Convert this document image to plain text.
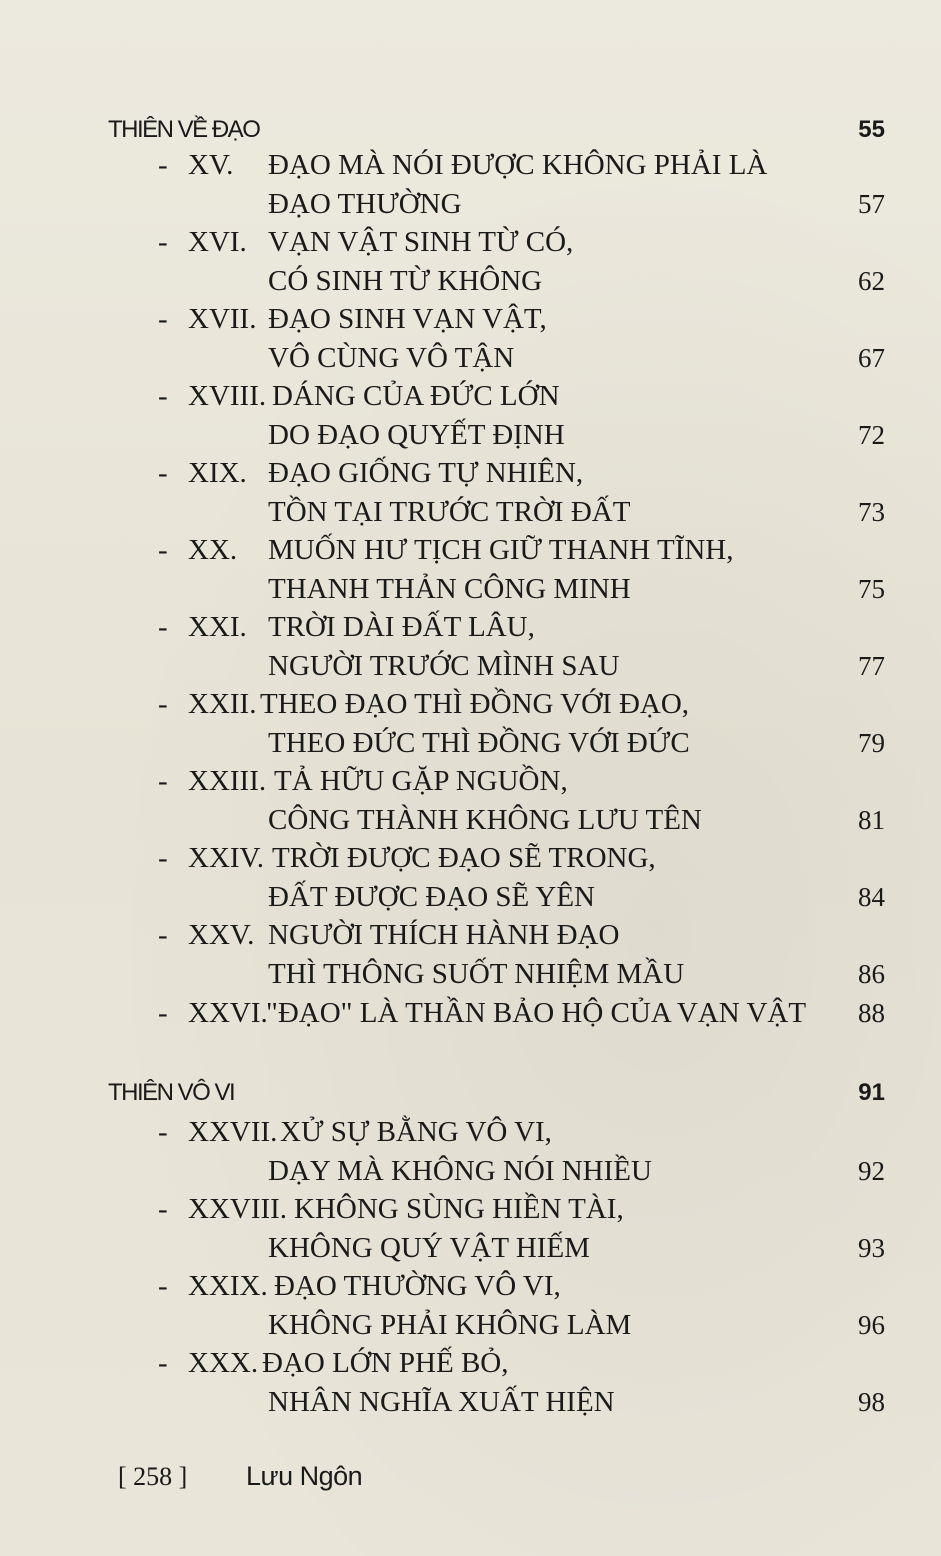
THIÊN VỀ ĐẠO	55
- XV. ĐẠO MÀ NÓI ĐƯỢC KHÔNG PHẢI LÀ
ĐẠO THƯỜNG	57
- XVI. VẠN VẬT SINH TỪ CÓ,
CÓ SINH TỪ KHÔNG	62
- XVII. ĐẠO SINH VẠN VẬT,
VÔ CÙNG VÔ TẬN	67
- XVIII. DÁNG CỦA ĐỨC LỚN
DO ĐẠO QUYẾT ĐỊNH	72
- XIX. ĐẠO GIỐNG TỰ NHIÊN,
TỒN TẠI TRƯỚC TRỜI ĐẤT	73
- XX. MUỐN HƯ TỊCH GIỮ THANH TĨNH,
THANH THẢN CÔNG MINH	75
- XXI. TRỜI DÀI ĐẤT LÂU,
NGƯỜI TRƯỚC MÌNH SAU	77
- XXII. THEO ĐẠO THÌ ĐỒNG VỚI ĐẠO,
THEO ĐỨC THÌ ĐỒNG VỚI ĐỨC	79
- XXIII. TẢ HỮU GẶP NGUỒN,
CÔNG THÀNH KHÔNG LƯU TÊN	81
- XXIV. TRỜI ĐƯỢC ĐẠO SẼ TRONG,
ĐẤT ĐƯỢC ĐẠO SẼ YÊN	84
- XXV. NGƯỜI THÍCH HÀNH ĐẠO
THÌ THÔNG SUỐT NHIỆM MẦU	86
- XXVI.
"ĐẠO" LÀ THẦN BẢO HỘ CỦA VẠN VẬT 88
THIÊN VÔ VI	91
- XXVII. XỬ SỰ BẰNG VÔ VI,
DẠY MÀ KHÔNG NÓI NHIỀU	92
- XXVIII. KHÔNG SÙNG HIỀN TÀI,
KHÔNG QUÝ VẬT HIẾM	93
- XXIX. ĐẠO THƯỜNG VÔ VI,
KHÔNG PHẢI KHÔNG LÀM	96
- XXX. ĐẠO LỚN PHẾ BỎ,
NHÂN NGHĨA XUẤT HIỆN	98
[ 258 ] Lưu Ngôn
